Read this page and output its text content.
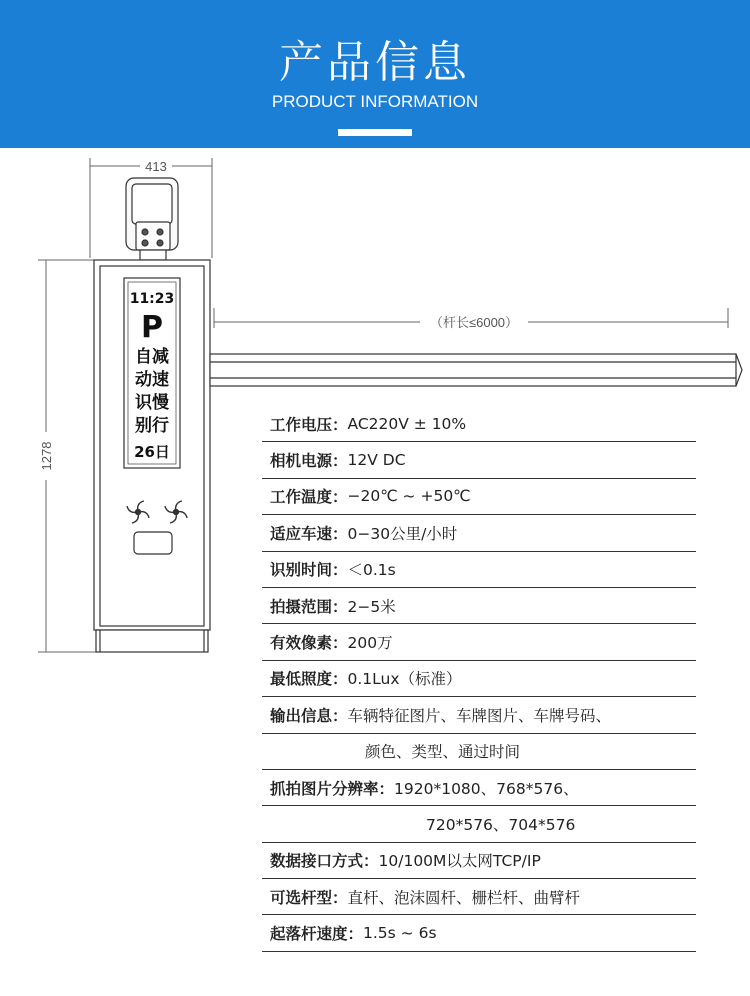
产品信息
PRODUCT INFORMATION
413
1278
（杆长≤6000）
11:23
P
自减
动速
识慢
别行
26日
工作电压： AC220V ± 10%
相机电源： 12V DC
工作温度： −20℃ ~ +50℃
适应车速： 0−30公里/小时
识别时间： ＜0.1s
拍摄范围： 2−5米
有效像素： 200万
最低照度： 0.1Lux（标准）
输出信息： 车辆特征图片、车牌图片、车牌号码、
颜色、类型、通过时间
抓拍图片分辨率： 1920*1080、768*576、
720*576、704*576
数据接口方式： 10/100M以太网TCP/IP
可选杆型： 直杆、泡沫圆杆、栅栏杆、曲臂杆
起落杆速度： 1.5s ~ 6s
